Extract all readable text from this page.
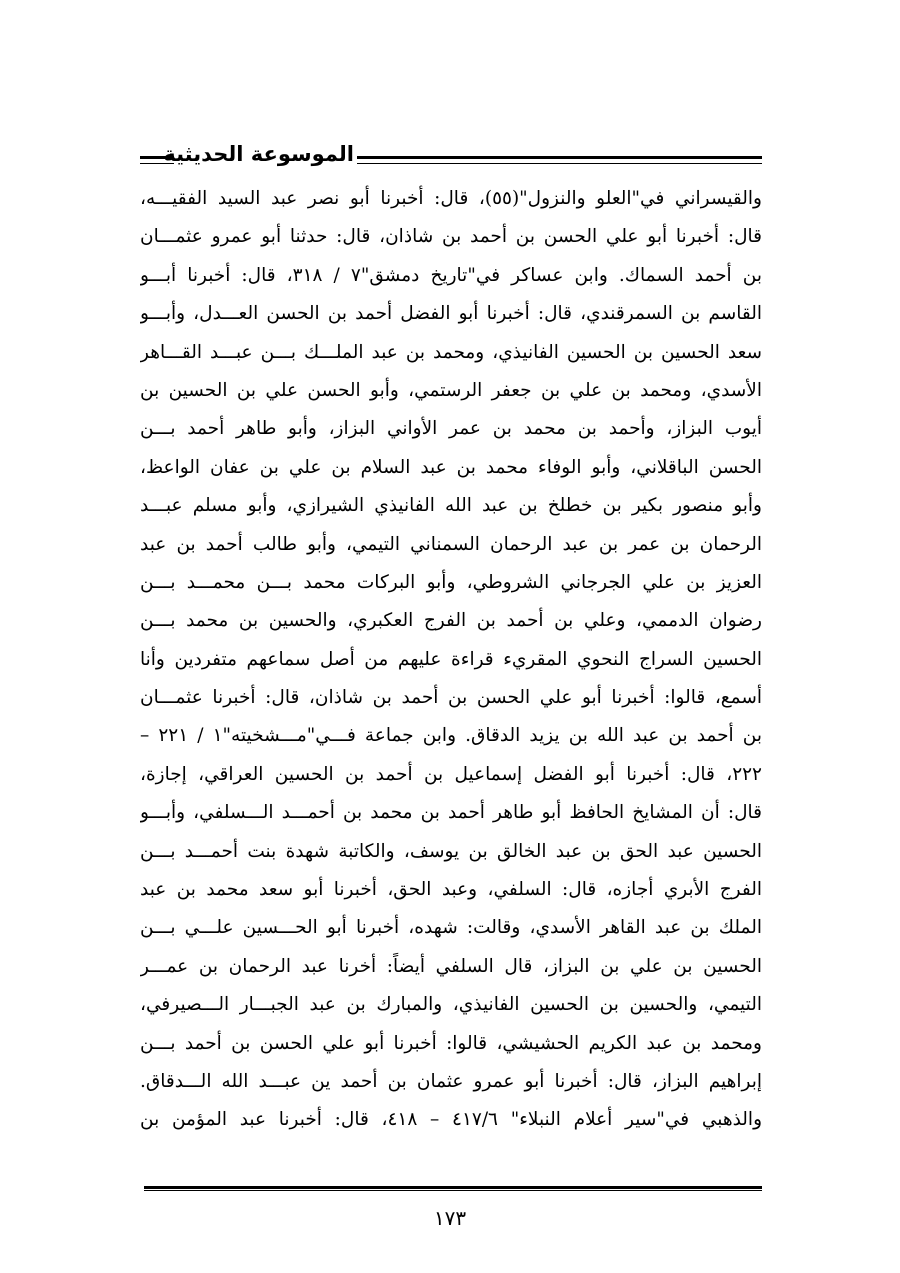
الموسوعة الحديثية
والقيسراني في"العلو والنزول"(٥٥)، قال: أخبرنا أبو نصر عبد السيد الفقيـــه،
قال: أخبرنا أبو علي الحسن بن أحمد بن شاذان، قال: حدثنا أبو عمرو عثمـــان
بن أحمد السماك. وابن عساكر في"تاريخ دمشق"٧ / ٣١٨، قال: أخبرنا أبـــو
القاسم بن السمرقندي، قال: أخبرنا أبو الفضل أحمد بن الحسن العـــدل، وأبـــو
سعد الحسين بن الحسين الفانيذي، ومحمد بن عبد الملـــك بـــن عبـــد القـــاهر
الأسدي، ومحمد بن علي بن جعفر الرستمي، وأبو الحسن علي بن الحسين بن
أيوب البزاز، وأحمد بن محمد بن عمر الأواني البزاز، وأبو طاهر أحمد بـــن
الحسن الباقلاني، وأبو الوفاء محمد بن عبد السلام بن علي بن عفان الواعظ،
وأبو منصور بكير بن خطلخ بن عبد الله الفانيذي الشيرازي، وأبو مسلم عبـــد
الرحمان بن عمر بن عبد الرحمان السمناني التيمي، وأبو طالب أحمد بن عبد
العزيز بن علي الجرجاني الشروطي، وأبو البركات محمد بـــن محمـــد بـــن
رضوان الدممي، وعلي بن أحمد بن الفرج العكبري، والحسين بن محمد بـــن
الحسين السراج النحوي المقريء قراءة عليهم من أصل سماعهم متفردين وأنا
أسمع، قالوا: أخبرنا أبو علي الحسن بن أحمد بن شاذان، قال: أخبرنا عثمـــان
بن أحمد بن عبد الله بن يزيد الدقاق. وابن جماعة فـــي"مـــشخيته"١ / ٢٢١ –
٢٢٢، قال: أخبرنا أبو الفضل إسماعيل بن أحمد بن الحسين العراقي، إجازة،
قال: أن المشايخ الحافظ أبو طاهر أحمد بن محمد بن أحمـــد الـــسلفي، وأبـــو
الحسين عبد الحق بن عبد الخالق بن يوسف، والكاتبة شهدة بنت أحمـــد بـــن
الفرج الأبري أجازه، قال: السلفي، وعبد الحق، أخبرنا أبو سعد محمد بن عبد
الملك بن عبد القاهر الأسدي، وقالت: شهده، أخبرنا أبو الحـــسين علـــي بـــن
الحسين بن علي بن البزاز، قال السلفي أيضاً: أخرنا عبد الرحمان بن عمـــر
التيمي، والحسين بن الحسين الفانيذي، والمبارك بن عبد الجبـــار الـــصيرفي،
ومحمد بن عبد الكريم الحشيشي، قالوا: أخبرنا أبو علي الحسن بن أحمد بـــن
إبراهيم البزاز، قال: أخبرنا أبو عمرو عثمان بن أحمد ين عبـــد الله الـــدقاق.
والذهبي في"سير أعلام النبلاء" ٤١٧/٦ – ٤١٨، قال: أخبرنا عبد المؤمن بن
١٧٣
